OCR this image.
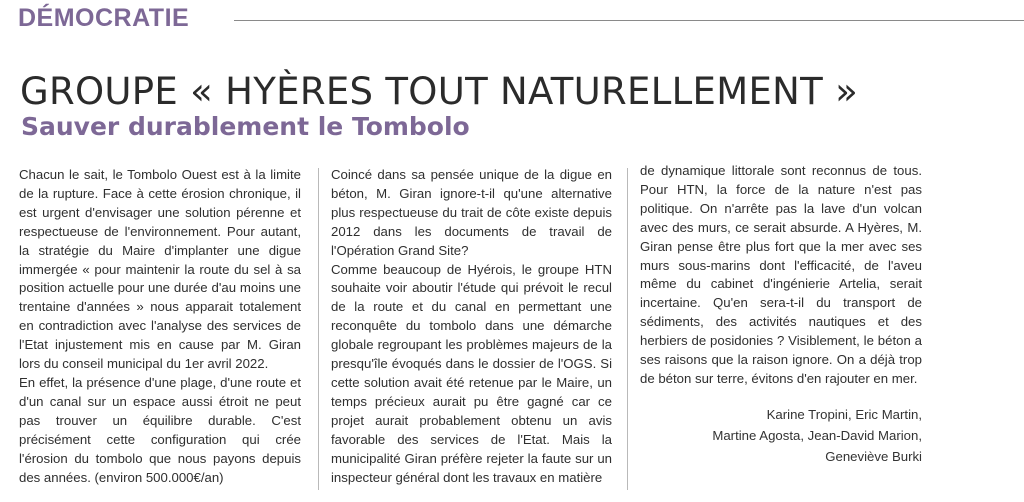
DÉMOCRATIE
GROUPE « HYÈRES TOUT NATURELLEMENT »
Sauver durablement le Tombolo

Chacun le sait, le Tombolo Ouest est à la limite de la rupture. Face à cette érosion chronique, il est urgent d'envisager une solution pérenne et respectueuse de l'environnement. Pour autant, la stratégie du Maire d'implanter une digue immergée « pour maintenir la route du sel à sa position actuelle pour une durée d'au moins une trentaine d'années » nous apparait totalement en contradiction avec l'analyse des services de l'Etat injustement mis en cause par M. Giran lors du conseil municipal du 1er avril 2022.

En effet, la présence d'une plage, d'une route et d'un canal sur un espace aussi étroit ne peut pas trouver un équilibre durable. C'est précisément cette configuration qui crée l'érosion du tombolo que nous payons depuis des années. (environ 500.000€/an)

Coincé dans sa pensée unique de la digue en béton, M. Giran ignore-t-il qu'une alternative plus respectueuse du trait de côte existe depuis 2012 dans les documents de travail de l'Opération Grand Site?

Comme beaucoup de Hyérois, le groupe HTN souhaite voir aboutir l'étude qui prévoit le recul de la route et du canal en permettant une reconquête du tombolo dans une démarche globale regroupant les problèmes majeurs de la presqu'île évoqués dans le dossier de l'OGS. Si cette solution avait été retenue par le Maire, un temps précieux aurait pu être gagné car ce projet aurait probablement obtenu un avis favorable des services de l'Etat. Mais la municipalité Giran préfère rejeter la faute sur un inspecteur général dont les travaux en matière

de dynamique littorale sont reconnus de tous. Pour HTN, la force de la nature n'est pas politique. On n'arrête pas la lave d'un volcan avec des murs, ce serait absurde. A Hyères, M. Giran pense être plus fort que la mer avec ses murs sous-marins dont l'efficacité, de l'aveu même du cabinet d'ingénierie Artelia, serait incertaine. Qu'en sera-t-il du transport de sédiments, des activités nautiques et des herbiers de posidonies ? Visiblement, le béton a ses raisons que la raison ignore. On a déjà trop de béton sur terre, évitons d'en rajouter en mer.

Karine Tropini, Eric Martin,
Martine Agosta, Jean-David Marion,
Geneviève Burki
